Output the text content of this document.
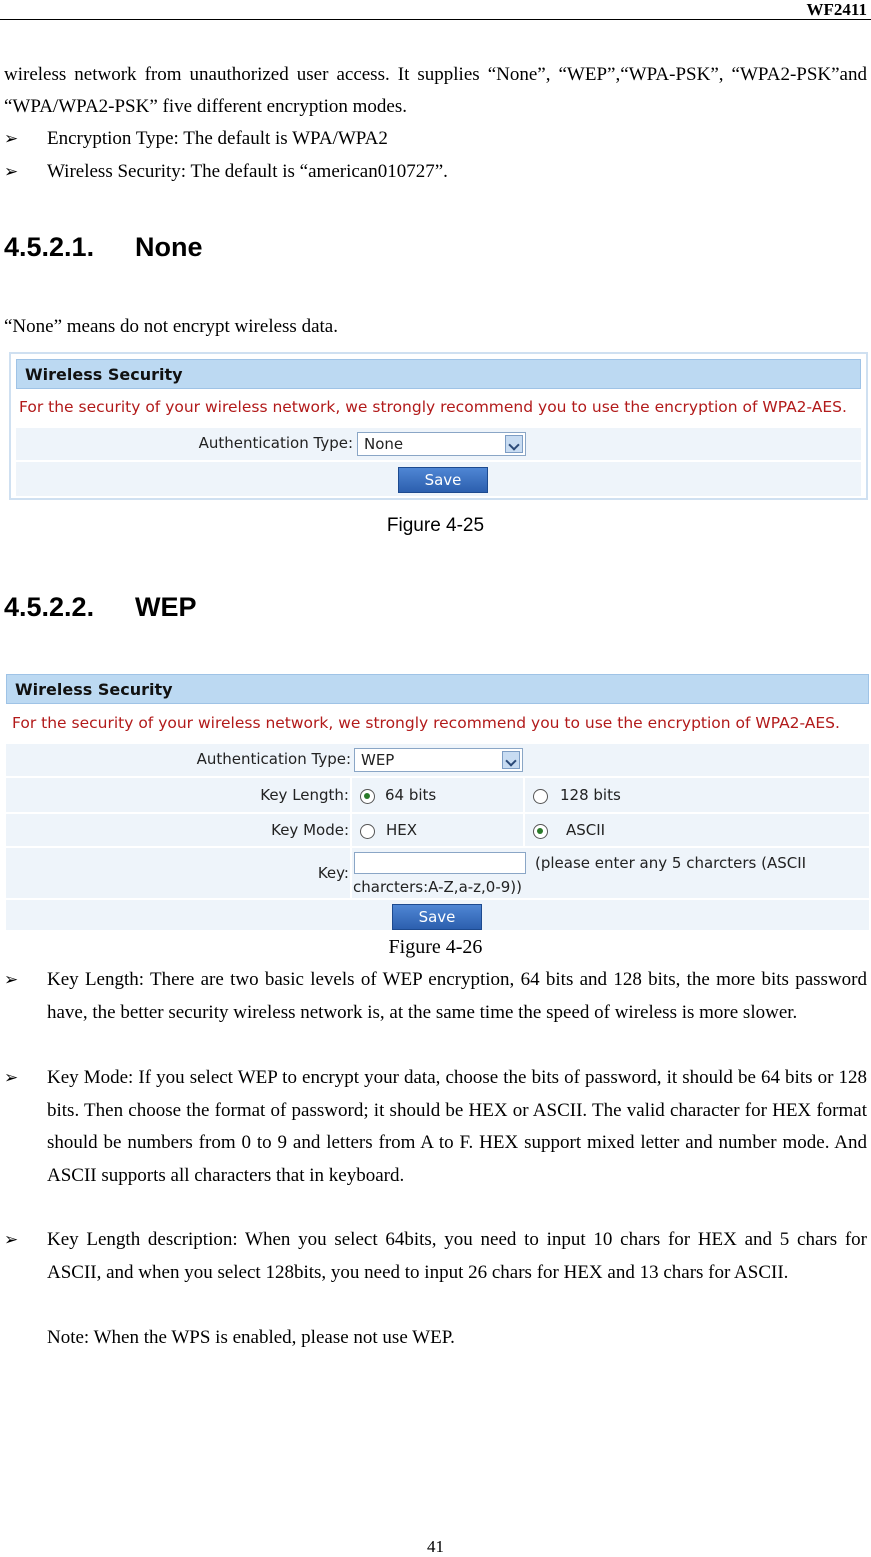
WF2411
wireless network from unauthorized user access. It supplies “None”, “WEP”,“WPA-PSK”, “WPA2-PSK”and “WPA/WPA2-PSK” five different encryption modes.
➢ Encryption Type: The default is WPA/WPA2
➢ Wireless Security: The default is “american010727”.
4.5.2.1. None
“None” means do not encrypt wireless data.
Wireless Security
For the security of your wireless network, we strongly recommend you to use the encryption of WPA2-AES.
Authentication Type: None
Save
Figure 4-25
4.5.2.2. WEP
Wireless Security
For the security of your wireless network, we strongly recommend you to use the encryption of WPA2-AES.
Authentication Type: WEP
Key Length: 64 bits	128 bits
Key Mode: HEX	ASCII
Key:
(please enter any 5 charcters (ASCII
charcters:A-Z,a-z,0-9))
Save
Figure 4-26
➢ Key Length: There are two basic levels of WEP encryption, 64 bits and 128 bits, the more bits password have, the better security wireless network is, at the same time the speed of wireless is more slower.
➢ Key Mode: If you select WEP to encrypt your data, choose the bits of password, it should be 64 bits or 128 bits. Then choose the format of password; it should be HEX or ASCII. The valid character for HEX format should be numbers from 0 to 9 and letters from A to F. HEX support mixed letter and number mode. And ASCII supports all characters that in keyboard.
➢ Key Length description: When you select 64bits, you need to input 10 chars for HEX and 5 chars for ASCII, and when you select 128bits, you need to input 26 chars for HEX and 13 chars for ASCII.
Note: When the WPS is enabled, please not use WEP.
41
